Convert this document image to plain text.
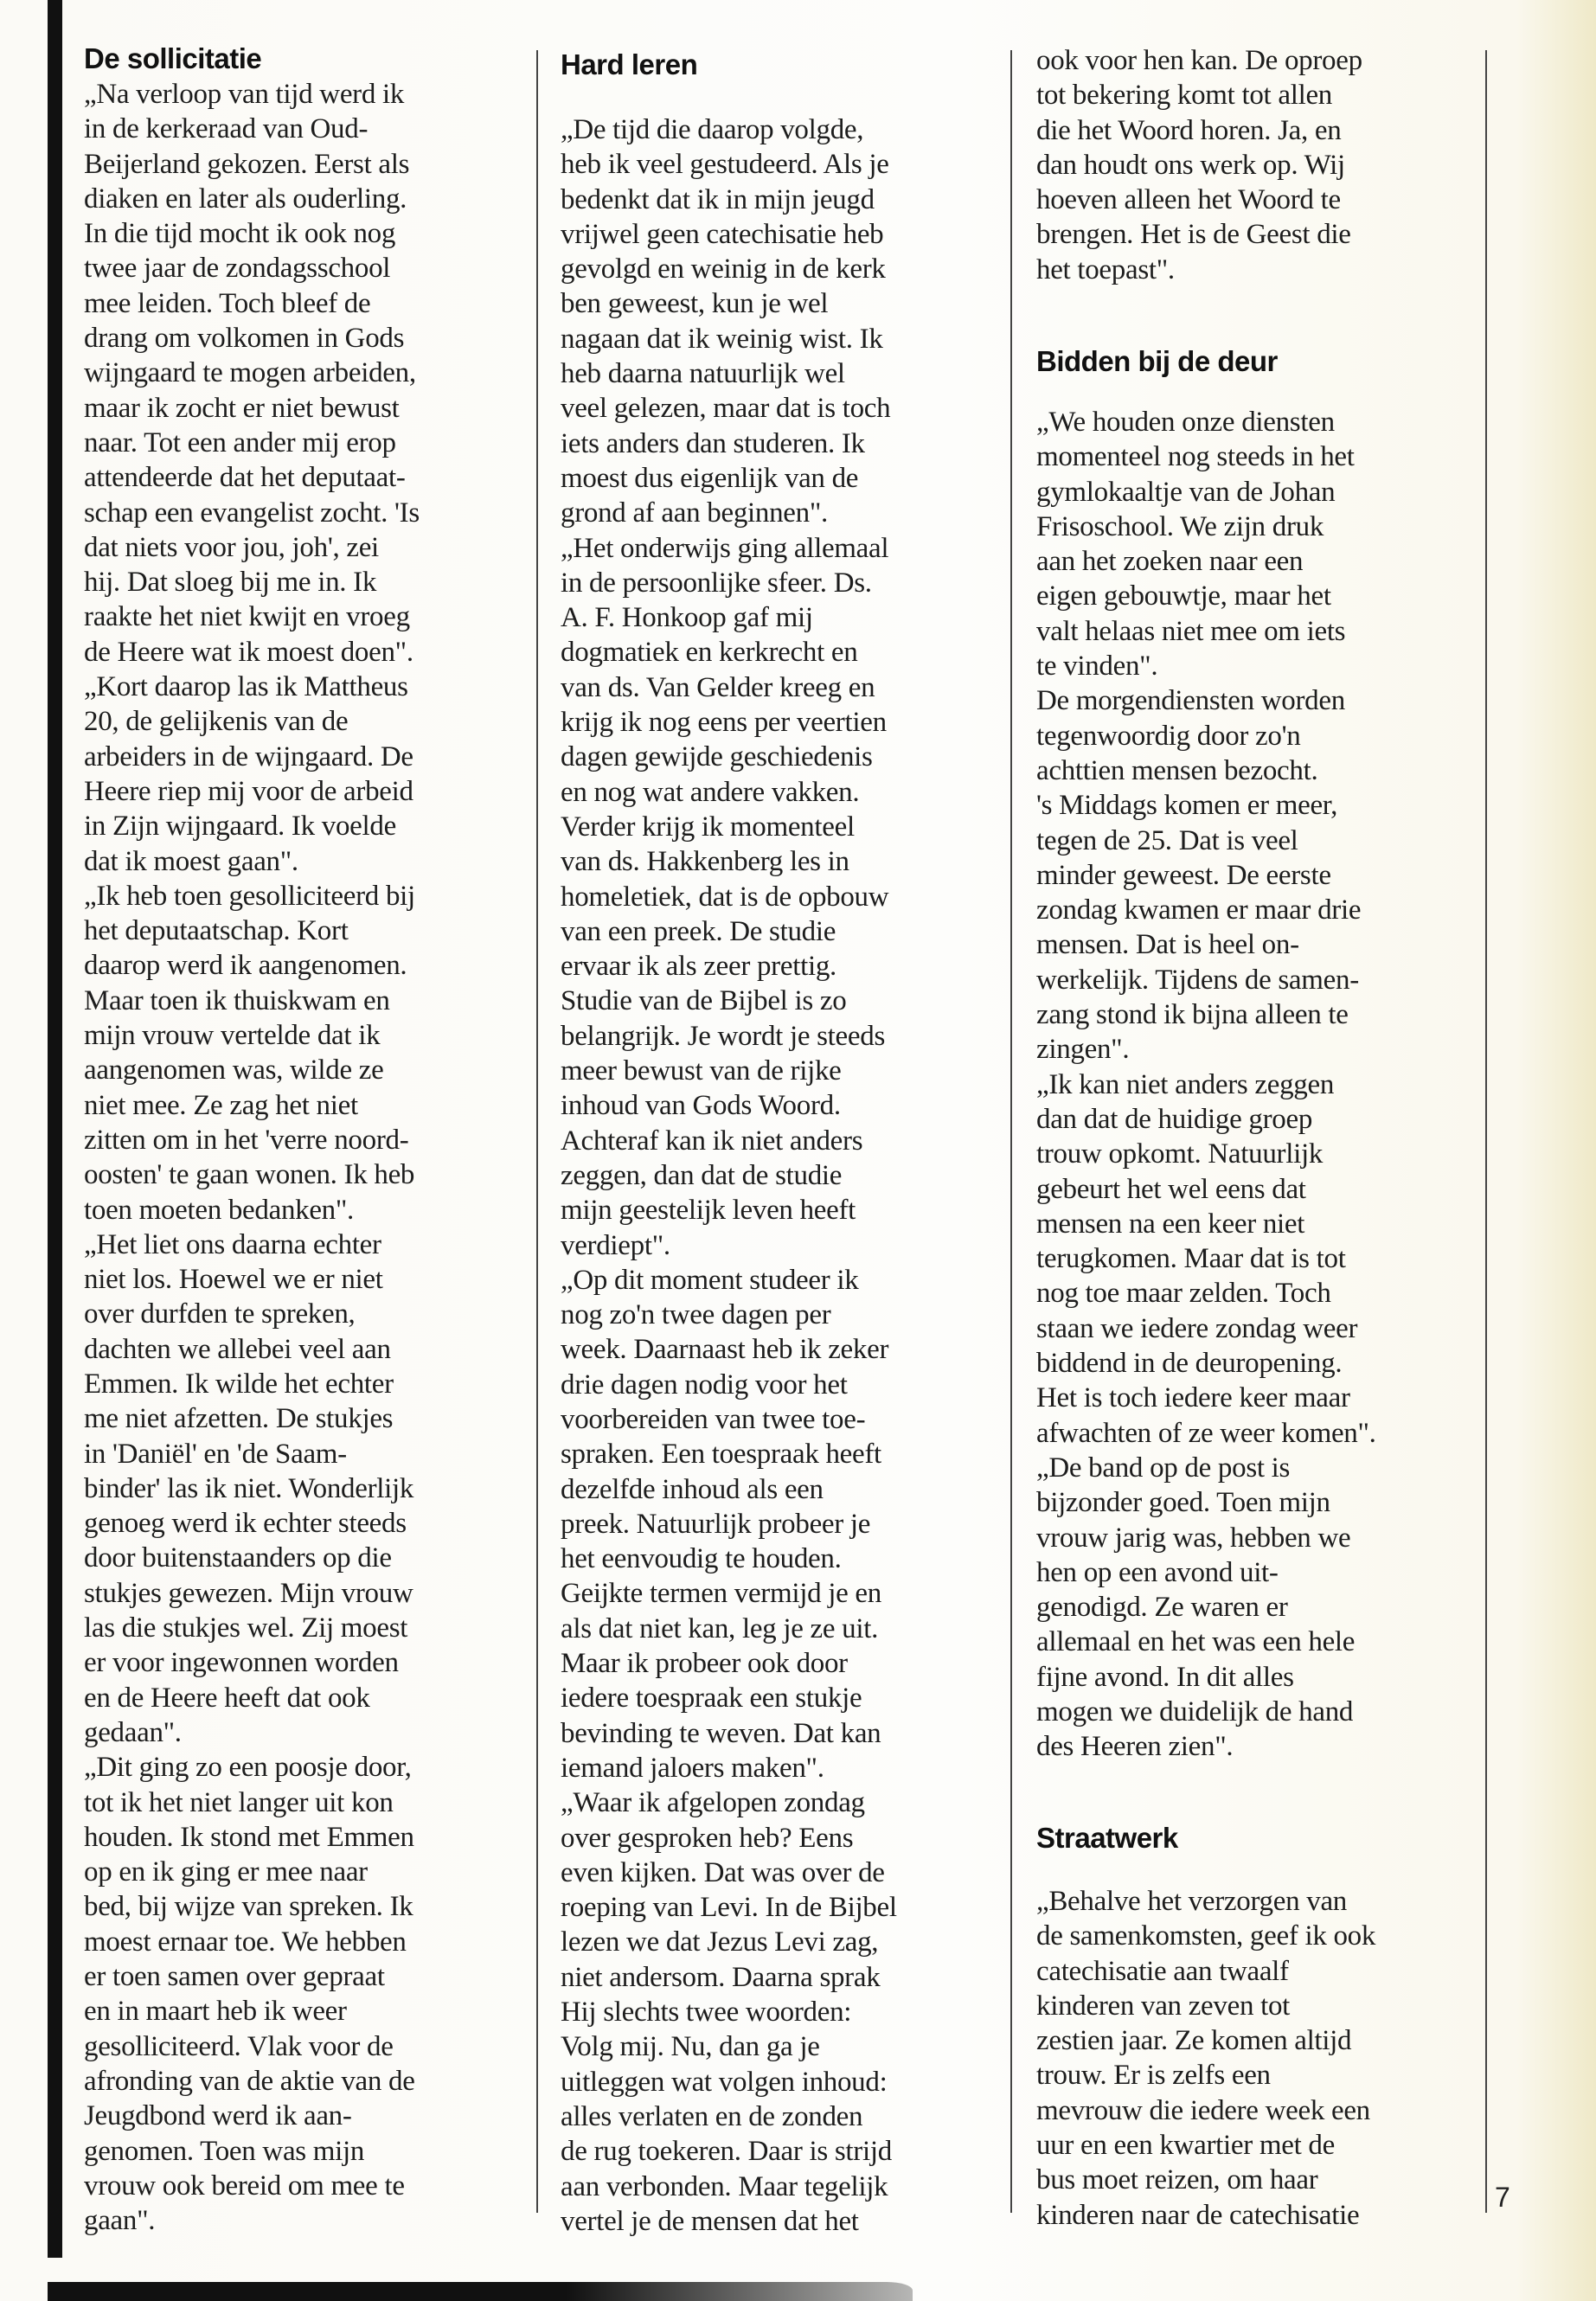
De sollicitatie
„Na verloop van tijd werd ik
in de kerkeraad van Oud-
Beijerland gekozen. Eerst als
diaken en later als ouderling.
In die tijd mocht ik ook nog
twee jaar de zondagsschool
mee leiden. Toch bleef de
drang om volkomen in Gods
wijngaard te mogen arbeiden,
maar ik zocht er niet bewust
naar. Tot een ander mij erop
attendeerde dat het deputaat-
schap een evangelist zocht. 'Is
dat niets voor jou, joh', zei
hij. Dat sloeg bij me in. Ik
raakte het niet kwijt en vroeg
de Heere wat ik moest doen".
„Kort daarop las ik Mattheus
20, de gelijkenis van de
arbeiders in de wijngaard. De
Heere riep mij voor de arbeid
in Zijn wijngaard. Ik voelde
dat ik moest gaan".
„Ik heb toen gesolliciteerd bij
het deputaatschap. Kort
daarop werd ik aangenomen.
Maar toen ik thuiskwam en
mijn vrouw vertelde dat ik
aangenomen was, wilde ze
niet mee. Ze zag het niet
zitten om in het 'verre noord-
oosten' te gaan wonen. Ik heb
toen moeten bedanken".
„Het liet ons daarna echter
niet los. Hoewel we er niet
over durfden te spreken,
dachten we allebei veel aan
Emmen. Ik wilde het echter
me niet afzetten. De stukjes
in 'Daniël' en 'de Saam-
binder' las ik niet. Wonderlijk
genoeg werd ik echter steeds
door buitenstaanders op die
stukjes gewezen. Mijn vrouw
las die stukjes wel. Zij moest
er voor ingewonnen worden
en de Heere heeft dat ook
gedaan".
„Dit ging zo een poosje door,
tot ik het niet langer uit kon
houden. Ik stond met Emmen
op en ik ging er mee naar
bed, bij wijze van spreken. Ik
moest ernaar toe. We hebben
er toen samen over gepraat
en in maart heb ik weer
gesolliciteerd. Vlak voor de
afronding van de aktie van de
Jeugdbond werd ik aan-
genomen. Toen was mijn
vrouw ook bereid om mee te
gaan".
Hard leren
„De tijd die daarop volgde,
heb ik veel gestudeerd. Als je
bedenkt dat ik in mijn jeugd
vrijwel geen catechisatie heb
gevolgd en weinig in de kerk
ben geweest, kun je wel
nagaan dat ik weinig wist. Ik
heb daarna natuurlijk wel
veel gelezen, maar dat is toch
iets anders dan studeren. Ik
moest dus eigenlijk van de
grond af aan beginnen".
„Het onderwijs ging allemaal
in de persoonlijke sfeer. Ds.
A. F. Honkoop gaf mij
dogmatiek en kerkrecht en
van ds. Van Gelder kreeg en
krijg ik nog eens per veertien
dagen gewijde geschiedenis
en nog wat andere vakken.
Verder krijg ik momenteel
van ds. Hakkenberg les in
homeletiek, dat is de opbouw
van een preek. De studie
ervaar ik als zeer prettig.
Studie van de Bijbel is zo
belangrijk. Je wordt je steeds
meer bewust van de rijke
inhoud van Gods Woord.
Achteraf kan ik niet anders
zeggen, dan dat de studie
mijn geestelijk leven heeft
verdiept".
„Op dit moment studeer ik
nog zo'n twee dagen per
week. Daarnaast heb ik zeker
drie dagen nodig voor het
voorbereiden van twee toe-
spraken. Een toespraak heeft
dezelfde inhoud als een
preek. Natuurlijk probeer je
het eenvoudig te houden.
Geijkte termen vermijd je en
als dat niet kan, leg je ze uit.
Maar ik probeer ook door
iedere toespraak een stukje
bevinding te weven. Dat kan
iemand jaloers maken".
„Waar ik afgelopen zondag
over gesproken heb? Eens
even kijken. Dat was over de
roeping van Levi. In de Bijbel
lezen we dat Jezus Levi zag,
niet andersom. Daarna sprak
Hij slechts twee woorden:
Volg mij. Nu, dan ga je
uitleggen wat volgen inhoud:
alles verlaten en de zonden
de rug toekeren. Daar is strijd
aan verbonden. Maar tegelijk
vertel je de mensen dat het
ook voor hen kan. De oproep
tot bekering komt tot allen
die het Woord horen. Ja, en
dan houdt ons werk op. Wij
hoeven alleen het Woord te
brengen. Het is de Geest die
het toepast".
Bidden bij de deur
„We houden onze diensten
momenteel nog steeds in het
gymlokaaltje van de Johan
Frisoschool. We zijn druk
aan het zoeken naar een
eigen gebouwtje, maar het
valt helaas niet mee om iets
te vinden".
De morgendiensten worden
tegenwoordig door zo'n
achttien mensen bezocht.
's Middags komen er meer,
tegen de 25. Dat is veel
minder geweest. De eerste
zondag kwamen er maar drie
mensen. Dat is heel on-
werkelijk. Tijdens de samen-
zang stond ik bijna alleen te
zingen".
„Ik kan niet anders zeggen
dan dat de huidige groep
trouw opkomt. Natuurlijk
gebeurt het wel eens dat
mensen na een keer niet
terugkomen. Maar dat is tot
nog toe maar zelden. Toch
staan we iedere zondag weer
biddend in de deuropening.
Het is toch iedere keer maar
afwachten of ze weer komen".
„De band op de post is
bijzonder goed. Toen mijn
vrouw jarig was, hebben we
hen op een avond uit-
genodigd. Ze waren er
allemaal en het was een hele
fijne avond. In dit alles
mogen we duidelijk de hand
des Heeren zien".
Straatwerk
„Behalve het verzorgen van
de samenkomsten, geef ik ook
catechisatie aan twaalf
kinderen van zeven tot
zestien jaar. Ze komen altijd
trouw. Er is zelfs een
mevrouw die iedere week een
uur en een kwartier met de
bus moet reizen, om haar
kinderen naar de catechisatie
7
